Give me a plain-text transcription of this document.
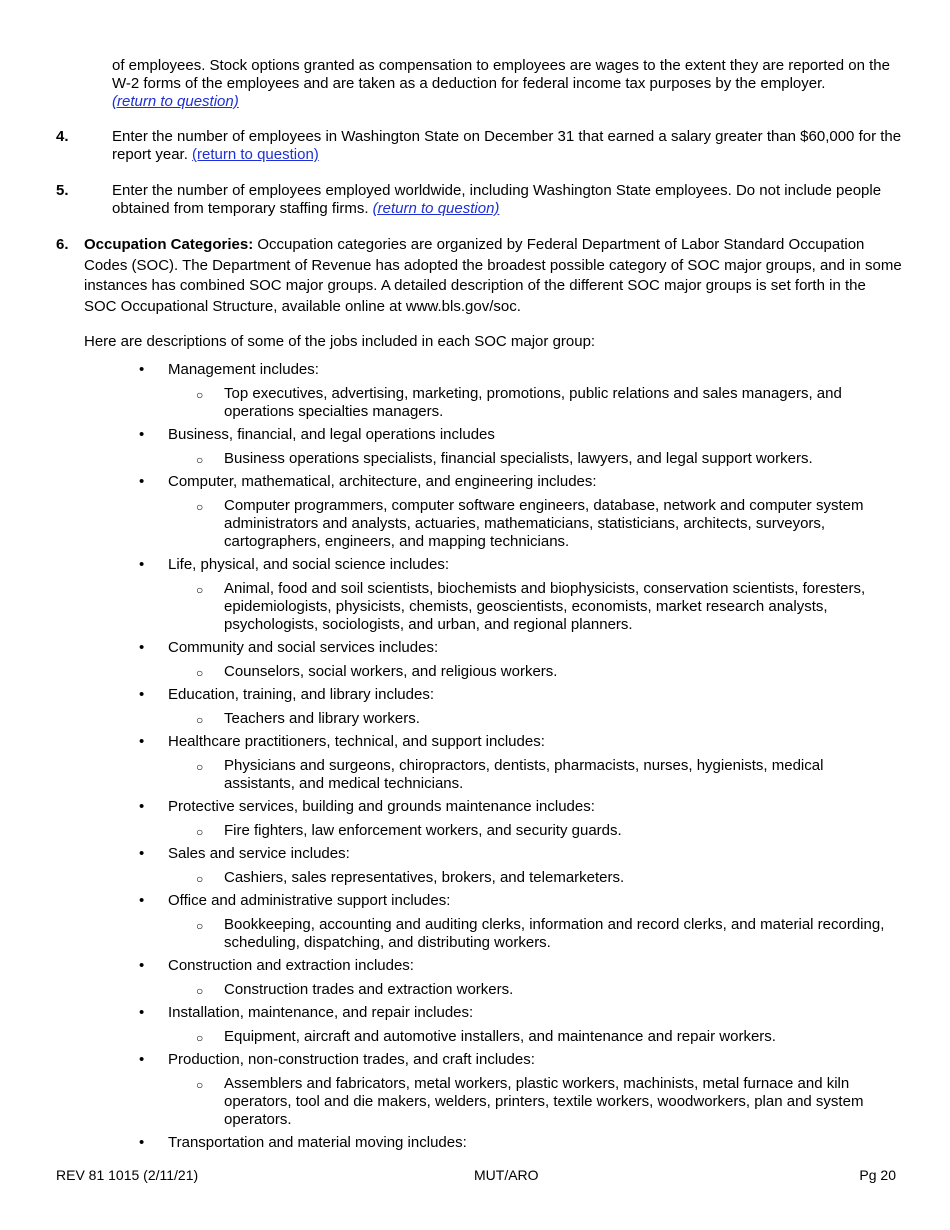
of employees. Stock options granted as compensation to employees are wages to the extent they are reported on the W-2 forms of the employees and are taken as a deduction for federal income tax purposes by the employer.
(return to question)
4.	Enter the number of employees in Washington State on December 31 that earned a salary greater than $60,000 for the report year. (return to question)
5.	Enter the number of employees employed worldwide, including Washington State employees. Do not include people obtained from temporary staffing firms. (return to question)
6. Occupation Categories: Occupation categories are organized by Federal Department of Labor Standard Occupation Codes (SOC). The Department of Revenue has adopted the broadest possible category of SOC major groups, and in some instances has combined SOC major groups. A detailed description of the different SOC major groups is set forth in the SOC Occupational Structure, available online at www.bls.gov/soc.
Here are descriptions of some of the jobs included in each SOC major group:
• Management includes:
○ Top executives, advertising, marketing, promotions, public relations and sales managers, and operations specialties managers.
• Business, financial, and legal operations includes
○ Business operations specialists, financial specialists, lawyers, and legal support workers.
• Computer, mathematical, architecture, and engineering includes:
○ Computer programmers, computer software engineers, database, network and computer system administrators and analysts, actuaries, mathematicians, statisticians, architects, surveyors, cartographers, engineers, and mapping technicians.
• Life, physical, and social science includes:
○ Animal, food and soil scientists, biochemists and biophysicists, conservation scientists, foresters, epidemiologists, physicists, chemists, geoscientists, economists, market research analysts, psychologists, sociologists, and urban, and regional planners.
• Community and social services includes:
○ Counselors, social workers, and religious workers.
• Education, training, and library includes:
○ Teachers and library workers.
• Healthcare practitioners, technical, and support includes:
○ Physicians and surgeons, chiropractors, dentists, pharmacists, nurses, hygienists, medical assistants, and medical technicians.
• Protective services, building and grounds maintenance includes:
○ Fire fighters, law enforcement workers, and security guards.
• Sales and service includes:
○ Cashiers, sales representatives, brokers, and telemarketers.
• Office and administrative support includes:
○ Bookkeeping, accounting and auditing clerks, information and record clerks, and material recording, scheduling, dispatching, and distributing workers.
• Construction and extraction includes:
○ Construction trades and extraction workers.
• Installation, maintenance, and repair includes:
○ Equipment, aircraft and automotive installers, and maintenance and repair workers.
• Production, non-construction trades, and craft includes:
○ Assemblers and fabricators, metal workers, plastic workers, machinists, metal furnace and kiln operators, tool and die makers, welders, printers, textile workers, woodworkers, plan and system operators.
• Transportation and material moving includes:
REV 81 1015 (2/11/21)	MUT/ARO	Pg 20
